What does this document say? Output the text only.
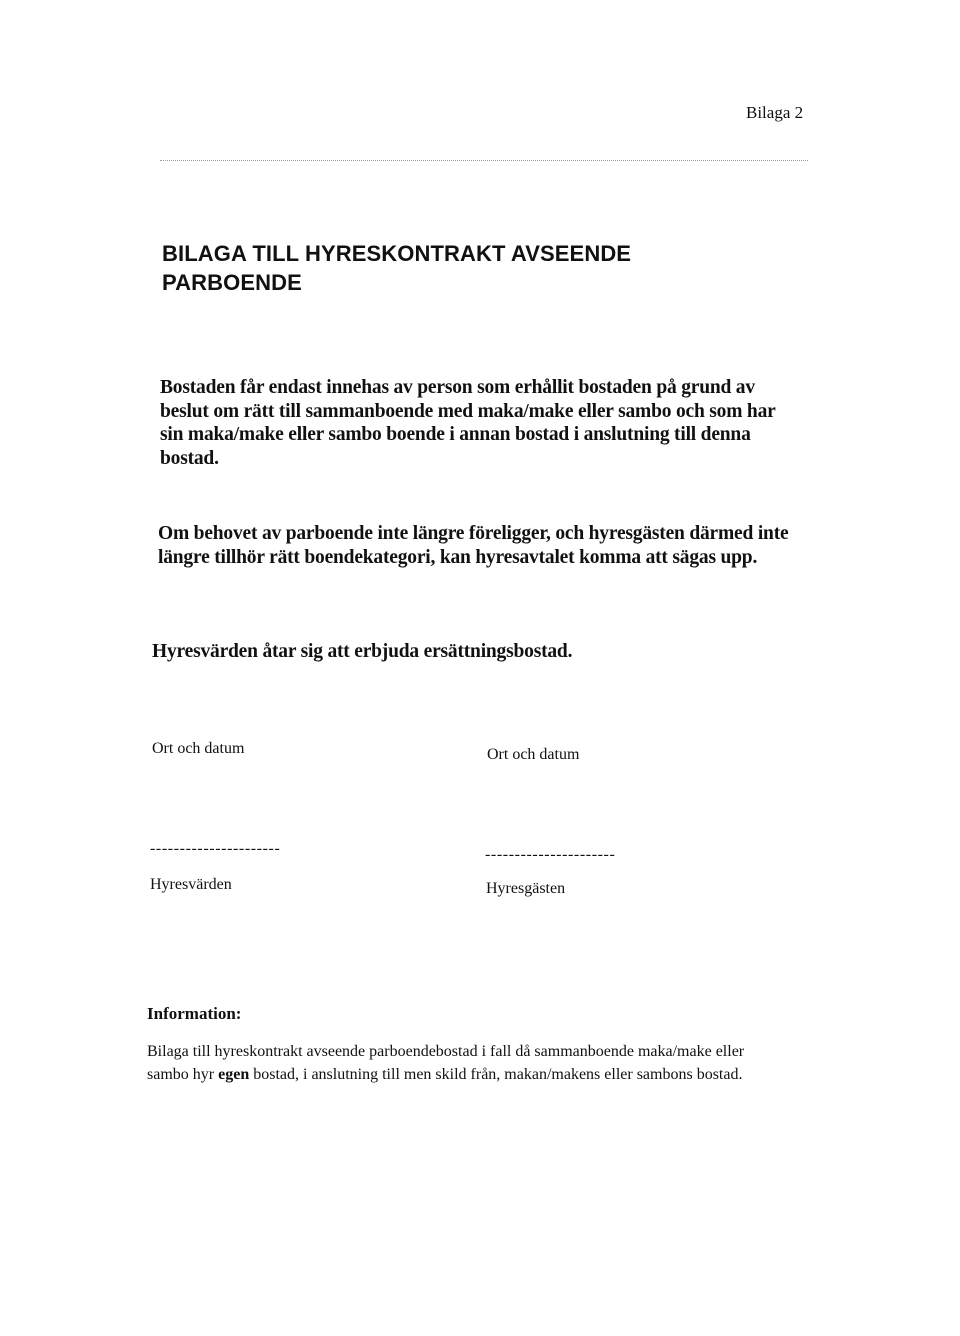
Bilaga 2
BILAGA TILL HYRESKONTRAKT AVSEENDE
PARBOENDE

Bostaden får endast innehas av person som erhållit bostaden på grund av beslut om rätt till sammanboende med maka/make eller sambo och som har sin maka/make eller sambo boende i annan bostad i anslutning till denna bostad.

Om behovet av parboende inte längre föreligger, och hyresgästen därmed inte längre tillhör rätt boendekategori, kan hyresavtalet komma att sägas upp.

Hyresvärden åtar sig att erbjuda ersättningsbostad.

Ort och datum	Ort och datum
----------------------	----------------------
Hyresvärden	Hyresgästen
Information:

Bilaga till hyreskontrakt avseende parboendebostad i fall då sammanboende maka/make eller sambo hyr egen bostad, i anslutning till men skild från, makan/makens eller sambons bostad.
